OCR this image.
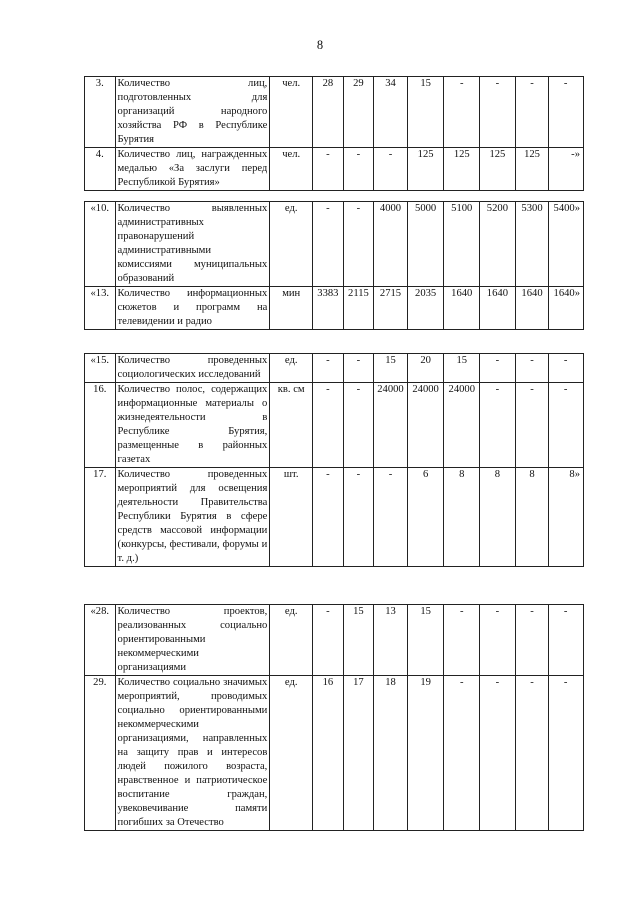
8
3.	Количество лиц, подготовленных для организаций народного хозяйства РФ в Республике Бурятия	чел.	28	29	34	15	-	-	-	-
4.	Количество лиц, награжденных медалью «За заслуги перед Республикой Бурятия»	чел.	-	-	-	125	125	125	125	-»
«10.	Количество выявленных административных правонарушений административными комиссиями муниципальных образований	ед.	-	-	4000	5000	5100	5200	5300	5400»
«13.	Количество информационных сюжетов и программ на телевидении и радио	мин	3383	2115	2715	2035	1640	1640	1640	1640»
«15.	Количество проведенных социологических исследований	ед.	-	-	15	20	15	-	-	-
16.	Количество полос, содержащих информационные материалы о жизнедеятельности в Республике Бурятия, размещенные в районных газетах	кв. см	-	-	24000	24000	24000	-	-	-
17.	Количество проведенных мероприятий для освещения деятельности Правительства Республики Бурятия в сфере средств массовой информации (конкурсы, фестивали, форумы и т. д.)	шт.	-	-	-	6	8	8	8	8»
«28.	Количество проектов, реализованных социально ориентированными некоммерческими организациями	ед.	-	15	13	15	-	-	-	-
29.	Количество социально значимых мероприятий, проводимых социально ориентированными некоммерческими организациями, направленных на защиту прав и интересов людей пожилого возраста, нравственное и патриотическое воспитание граждан, увековечивание памяти погибших за Отечество	ед.	16	17	18	19	-	-	-	-
